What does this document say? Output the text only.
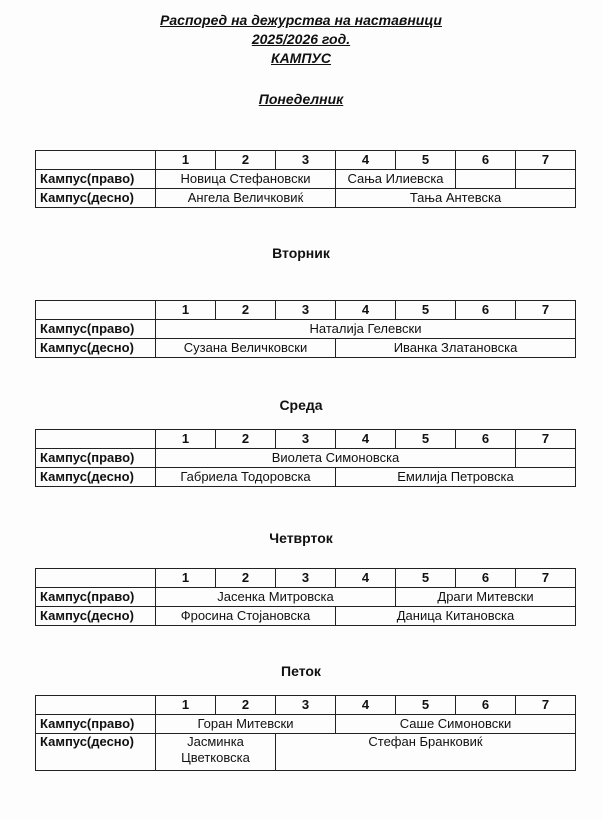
Распоред на дежурства на наставници
2025/2026 год.
КАМПУС
Понеделник
	1	2	3	4	5	6	7
Кампус(право)	Новица Стефановски			Сања Илиевска			
Кампус(десно)	Ангела Величковиќ			Тања Антевска			
Вторник
	1	2	3	4	5	6	7
Кампус(право)	Наталија Гелевски						
Кампус(десно)	Сузана Величковски			Иванка Златановска			
Среда
	1	2	3	4	5	6	7
Кампус(право)	Виолета Симоновска						
Кампус(десно)	Габриела Тодоровска			Емилија Петровска			
Четврток
	1	2	3	4	5	6	7
Кампус(право)	Јасенка Митровска				Драги Митевски		
Кампус(десно)	Фросина Стојановска			Даница Китановска			
Петок
	1	2	3	4	5	6	7
Кампус(право)	Горан Митевски			Саше Симоновски			
Кампус(десно)	Јасминка Цветковска		Стефан Бранковиќ				
